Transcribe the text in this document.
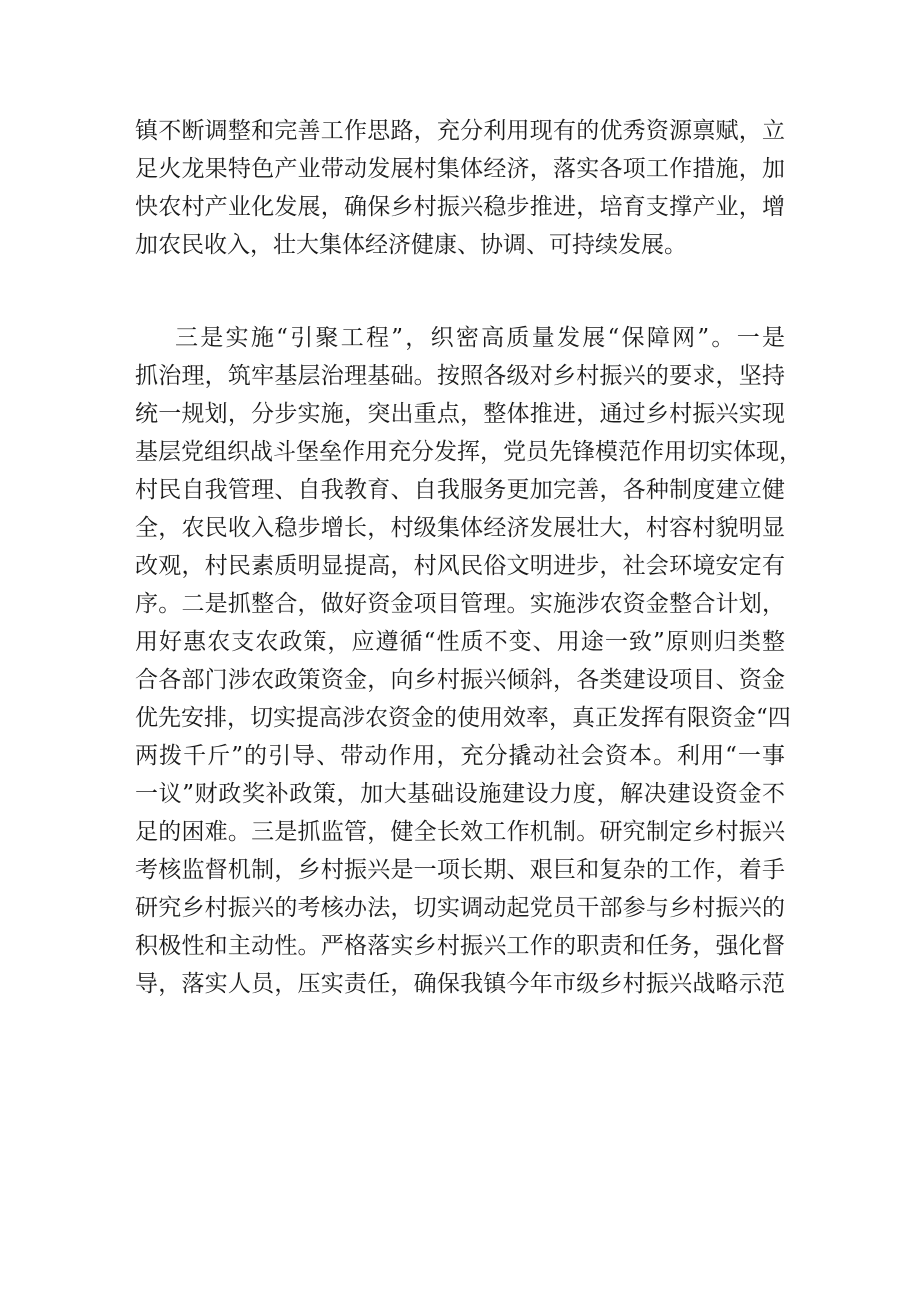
镇不断调整和完善工作思路，充分利用现有的优秀资源禀赋，立
足火龙果特色产业带动发展村集体经济，落实各项工作措施，加
快农村产业化发展，确保乡村振兴稳步推进，培育支撑产业，增
加农民收入，壮大集体经济健康、协调、可持续发展。
三是实施“引聚工程”，织密高质量发展“保障网”。一是
抓治理，筑牢基层治理基础。按照各级对乡村振兴的要求，坚持
统一规划，分步实施，突出重点，整体推进，通过乡村振兴实现
基层党组织战斗堡垒作用充分发挥，党员先锋模范作用切实体现，
村民自我管理、自我教育、自我服务更加完善，各种制度建立健
全，农民收入稳步增长，村级集体经济发展壮大，村容村貌明显
改观，村民素质明显提高，村风民俗文明进步，社会环境安定有
序。二是抓整合，做好资金项目管理。实施涉农资金整合计划，
用好惠农支农政策，应遵循“性质不变、用途一致”原则归类整
合各部门涉农政策资金，向乡村振兴倾斜，各类建设项目、资金
优先安排，切实提高涉农资金的使用效率，真正发挥有限资金“四
两拨千斤”的引导、带动作用，充分撬动社会资本。利用“一事
一议”财政奖补政策，加大基础设施建设力度，解决建设资金不
足的困难。三是抓监管，健全长效工作机制。研究制定乡村振兴
考核监督机制，乡村振兴是一项长期、艰巨和复杂的工作，着手
研究乡村振兴的考核办法，切实调动起党员干部参与乡村振兴的
积极性和主动性。严格落实乡村振兴工作的职责和任务，强化督
导，落实人员，压实责任，确保我镇今年市级乡村振兴战略示范
